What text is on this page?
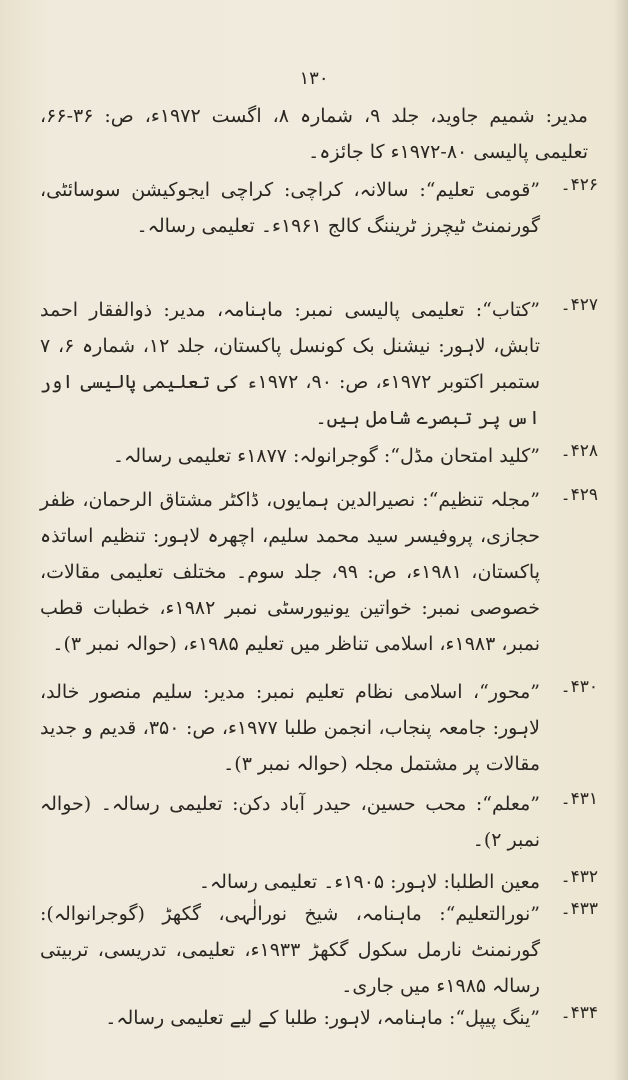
۱۳۰
مدیر: شمیم جاوید، جلد ۹، شمارہ ۸، اگست ۱۹۷۲ء، ص: ۳۶-۶۶، تعلیمی پالیسی ۸۰-۱۹۷۲ء کا جائزہ۔
۴۲۶۔
”قومی تعلیم“: سالانہ، کراچی: کراچی ایجوکیشن سوسائٹی، گورنمنٹ ٹیچرز ٹریننگ کالج ۱۹۶۱ء۔ تعلیمی رسالہ۔
۴۲۷۔
”کتاب“: تعلیمی پالیسی نمبر: ماہنامہ، مدیر: ذوالفقار احمد تابش، لاہور: نیشنل بک کونسل پاکستان، جلد ۱۲، شمارہ ۶، ۷ ستمبر اکتوبر ۱۹۷۲ء، ص: ۹۰، ۱۹۷۲ء کی تعلیمی پالیسی اور اس پر تبصرے شامل ہیں۔
۴۲۸۔
”کلید امتحان مڈل“: گوجرانولہ: ۱۸۷۷ء تعلیمی رسالہ۔
۴۲۹۔
”مجلہ تنظیم“: نصیرالدین ہمایوں، ڈاکٹر مشتاق الرحمان، ظفر حجازی، پروفیسر سید محمد سلیم، اچھرہ لاہور: تنظیم اساتذہ پاکستان، ۱۹۸۱ء، ص: ۹۹، جلد سوم۔ مختلف تعلیمی مقالات، خصوصی نمبر: خواتین یونیورسٹی نمبر ۱۹۸۲ء، خطبات قطب نمبر، ۱۹۸۳ء، اسلامی تناظر میں تعلیم ۱۹۸۵ء، (حوالہ نمبر ۳)۔
۴۳۰۔
”محور“، اسلامی نظام تعلیم نمبر: مدیر: سلیم منصور خالد، لاہور: جامعہ پنجاب، انجمن طلبا ۱۹۷۷ء، ص: ۳۵۰، قدیم و جدید مقالات پر مشتمل مجلہ (حوالہ نمبر ۳)۔
۴۳۱۔
”معلم“: محب حسین، حیدر آباد دکن: تعلیمی رسالہ۔ (حوالہ نمبر ۲)۔
۴۳۲۔
معین الطلبا: لاہور: ۱۹۰۵ء۔ تعلیمی رسالہ۔
۴۳۳۔
”نورالتعلیم“: ماہنامہ، شیخ نورالٰہی، گکھڑ (گوجرانوالہ): گورنمنٹ نارمل سکول گکھڑ ۱۹۳۳ء، تعلیمی، تدریسی، تربیتی رسالہ ۱۹۸۵ء میں جاری۔
۴۳۴۔
”ینگ پیپل“: ماہنامہ، لاہور: طلبا کے لیے تعلیمی رسالہ۔
